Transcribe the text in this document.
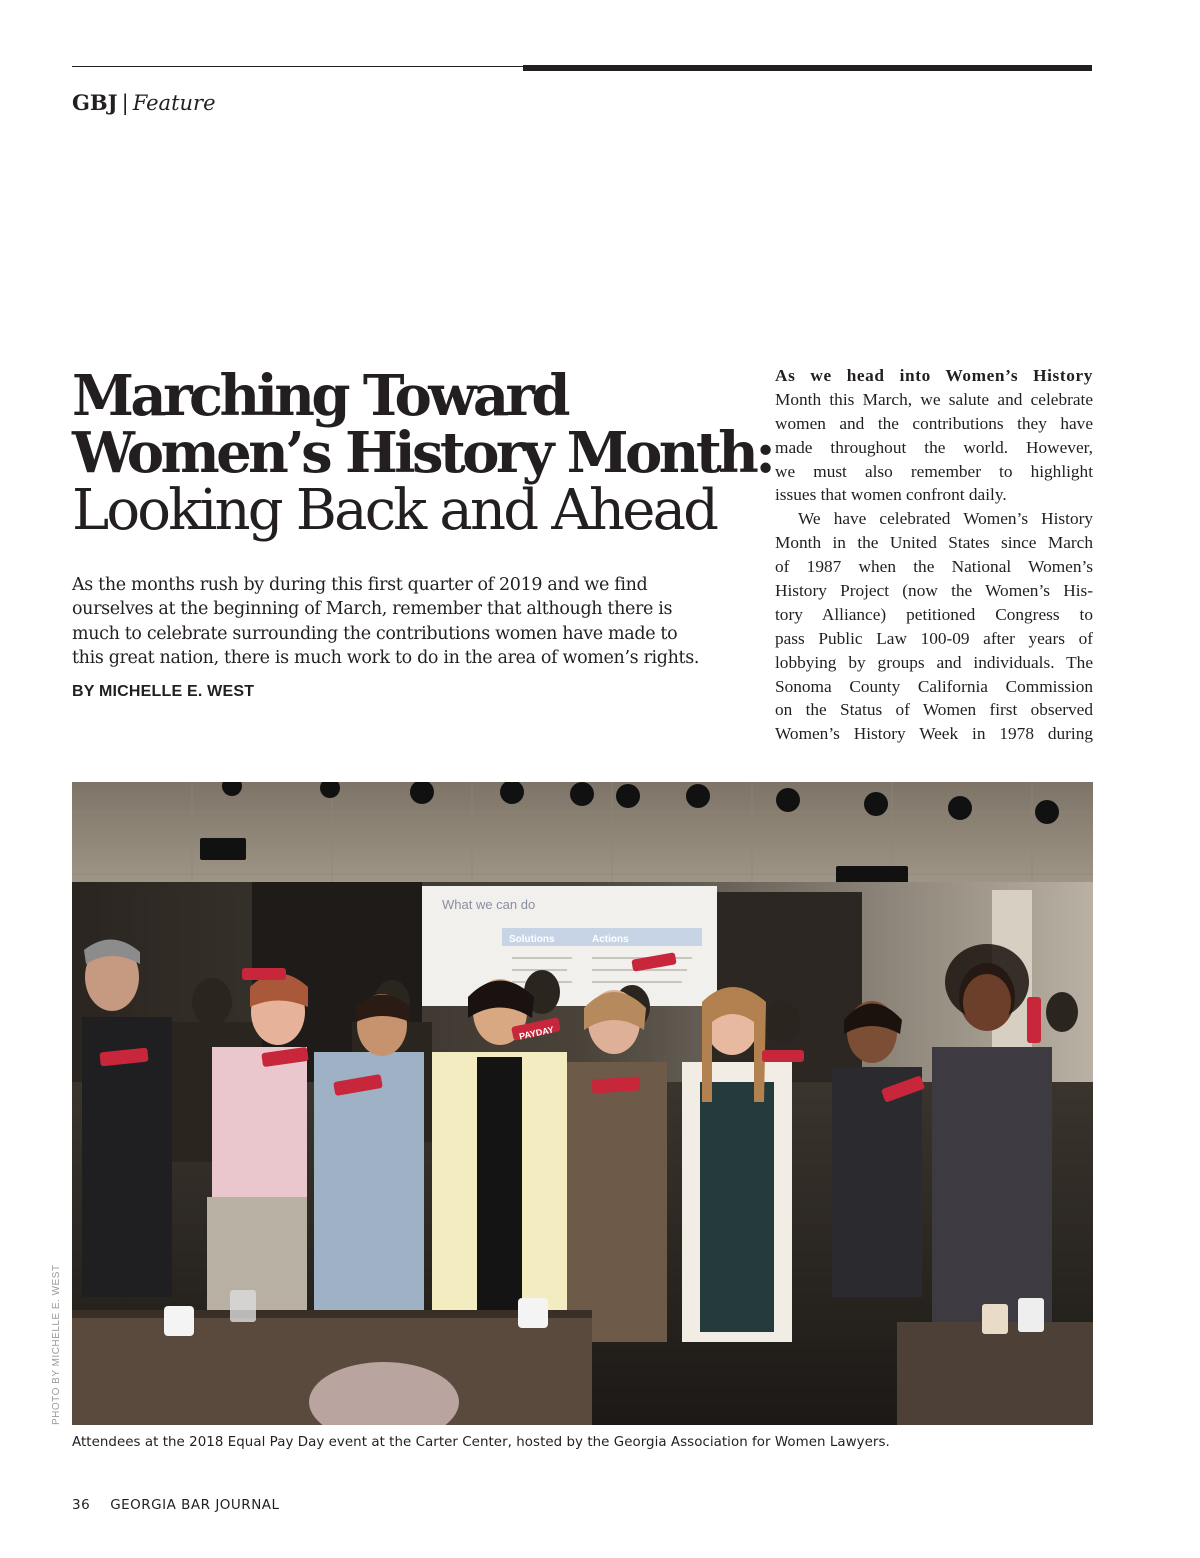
GBJ | Feature
Marching Toward
Women’s History Month:
Looking Back and Ahead
As the months rush by during this first quarter of 2019 and we find
ourselves at the beginning of March, remember that although there is
much to celebrate surrounding the contributions women have made to
this great nation, there is much work to do in the area of women’s rights.
BY MICHELLE E. WEST
As we head into Women’s History
Month this March, we salute and celebrate
women and the contributions they have
made throughout the world. However,
we must also remember to highlight
issues that women confront daily.
We have celebrated Women’s History
Month in the United States since March
of 1987 when the National Women’s
History Project (now the Women’s His-
tory Alliance) petitioned Congress to
pass Public Law 100-09 after years of
lobbying by groups and individuals. The
Sonoma County California Commission
on the Status of Women first observed
Women’s History Week in 1978 during
What we can do
Solutions	Actions
PAYDAY
PHOTO BY MICHELLE E. WEST
Attendees at the 2018 Equal Pay Day event at the Carter Center, hosted by the Georgia Association for Women Lawyers.
36 GEORGIA BAR JOURNAL
